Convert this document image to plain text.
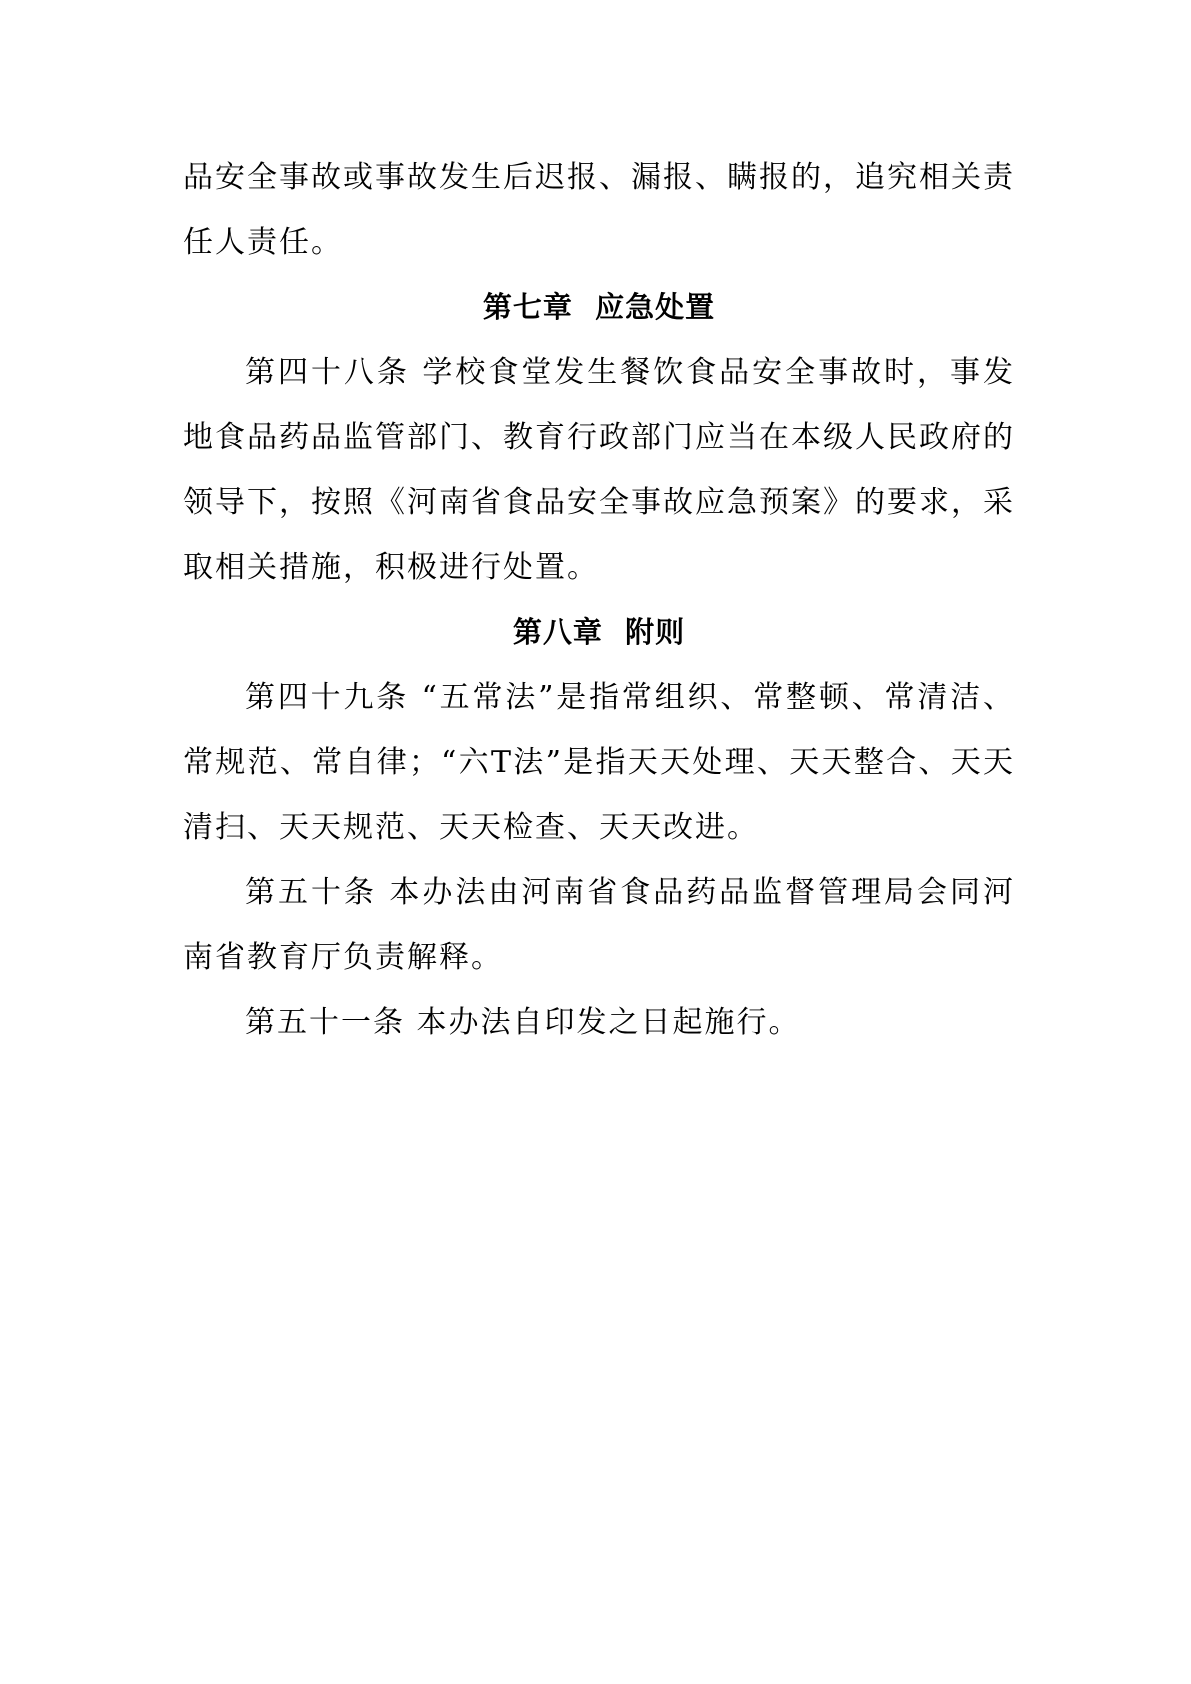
品安全事故或事故发生后迟报、漏报、瞒报的，追究相关责任人责任。

第七章  应急处置

第四十八条 学校食堂发生餐饮食品安全事故时，事发地食品药品监管部门、教育行政部门应当在本级人民政府的领导下，按照《河南省食品安全事故应急预案》的要求，采取相关措施，积极进行处置。

第八章  附则

第四十九条 “五常法”是指常组织、常整顿、常清洁、常规范、常自律；“六T法”是指天天处理、天天整合、天天清扫、天天规范、天天检查、天天改进。

第五十条 本办法由河南省食品药品监督管理局会同河南省教育厅负责解释。

第五十一条 本办法自印发之日起施行。
